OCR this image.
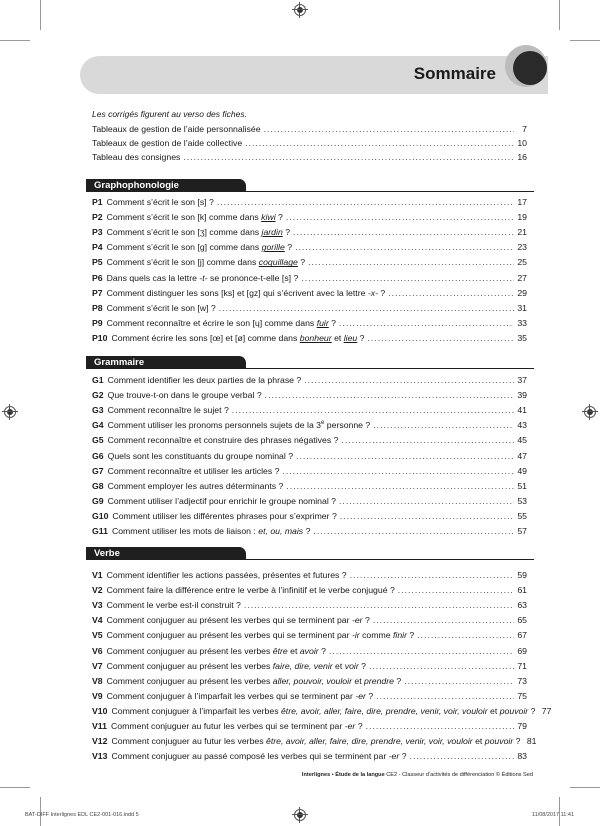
Sommaire
Les corrigés figurent au verso des fiches.
Tableaux de gestion de l’aide personnalisée .....	7
Tableaux de gestion de l’aide collective .....	10
Tableau des consignes .....	16
Graphophonologie
P1 Comment s’écrit le son [s] ? .....	17
P2 Comment s’écrit le son [k] comme dans kiwi ? .....	19
P3 Comment s’écrit le son [ʒ] comme dans jardin ? .....	21
P4 Comment s’écrit le son [g] comme dans gorille ? .....	23
P5 Comment s’écrit le son [j] comme dans coquillage ? .....	25
P6 Dans quels cas la lettre -t- se prononce-t-elle [s] ? .....	27
P7 Comment distinguer les sons [ks] et [gz] qui s’écrivent avec la lettre -x- ? .....	29
P8 Comment s’écrit le son [w] ? .....	31
P9 Comment reconnaître et écrire le son [ɥ] comme dans fuir ? .....	33
P10 Comment écrire les sons [œ] et [ø] comme dans bonheur et lieu ? .....	35
Grammaire
G1 Comment identifier les deux parties de la phrase ? .....	37
G2 Que trouve-t-on dans le groupe verbal ? .....	39
G3 Comment reconnaître le sujet ? .....	41
G4 Comment utiliser les pronoms personnels sujets de la 3e personne ? .....	43
G5 Comment reconnaître et construire des phrases négatives ? .....	45
G6 Quels sont les constituants du groupe nominal ? .....	47
G7 Comment reconnaître et utiliser les articles ? .....	49
G8 Comment employer les autres déterminants ? .....	51
G9 Comment utiliser l’adjectif pour enrichir le groupe nominal ? .....	53
G10 Comment utiliser les différentes phrases pour s’exprimer ? .....	55
G11 Comment utiliser les mots de liaison : et, ou, mais ? .....	57
Verbe
V1 Comment identifier les actions passées, présentes et futures ? .....	59
V2 Comment faire la différence entre le verbe à l’infinitif et le verbe conjugué ? .....	61
V3 Comment le verbe est-il construit ? .....	63
V4 Comment conjuguer au présent les verbes qui se terminent par -er ? .....	65
V5 Comment conjuguer au présent les verbes qui se terminent par -ir comme finir ? .....	67
V6 Comment conjuguer au présent les verbes être et avoir ? .....	69
V7 Comment conjuguer au présent les verbes faire, dire, venir et voir ? .....	71
V8 Comment conjuguer au présent les verbes aller, pouvoir, vouloir et prendre ? .....	73
V9 Comment conjuguer à l’imparfait les verbes qui se terminent par -er ? .....	75
V10 Comment conjuguer à l’imparfait les verbes être, avoir, aller, faire, dire, prendre, venir, voir, vouloir et pouvoir ? 77
V11 Comment conjuguer au futur les verbes qui se terminent par -er ? .....	79
V12 Comment conjuguer au futur les verbes être, avoir, aller, faire, dire, prendre, venir, voir, vouloir et pouvoir ? 81
V13 Comment conjuguer au passé composé les verbes qui se terminent par -er ? .....	83
Interlignes • Étude de la langue CE2 - Classeur d’activités de différenciation © Éditions Sed
BAT-DIFF Interlignes EDL CE2-001-016.indd 5	11/08/2017 11:41
